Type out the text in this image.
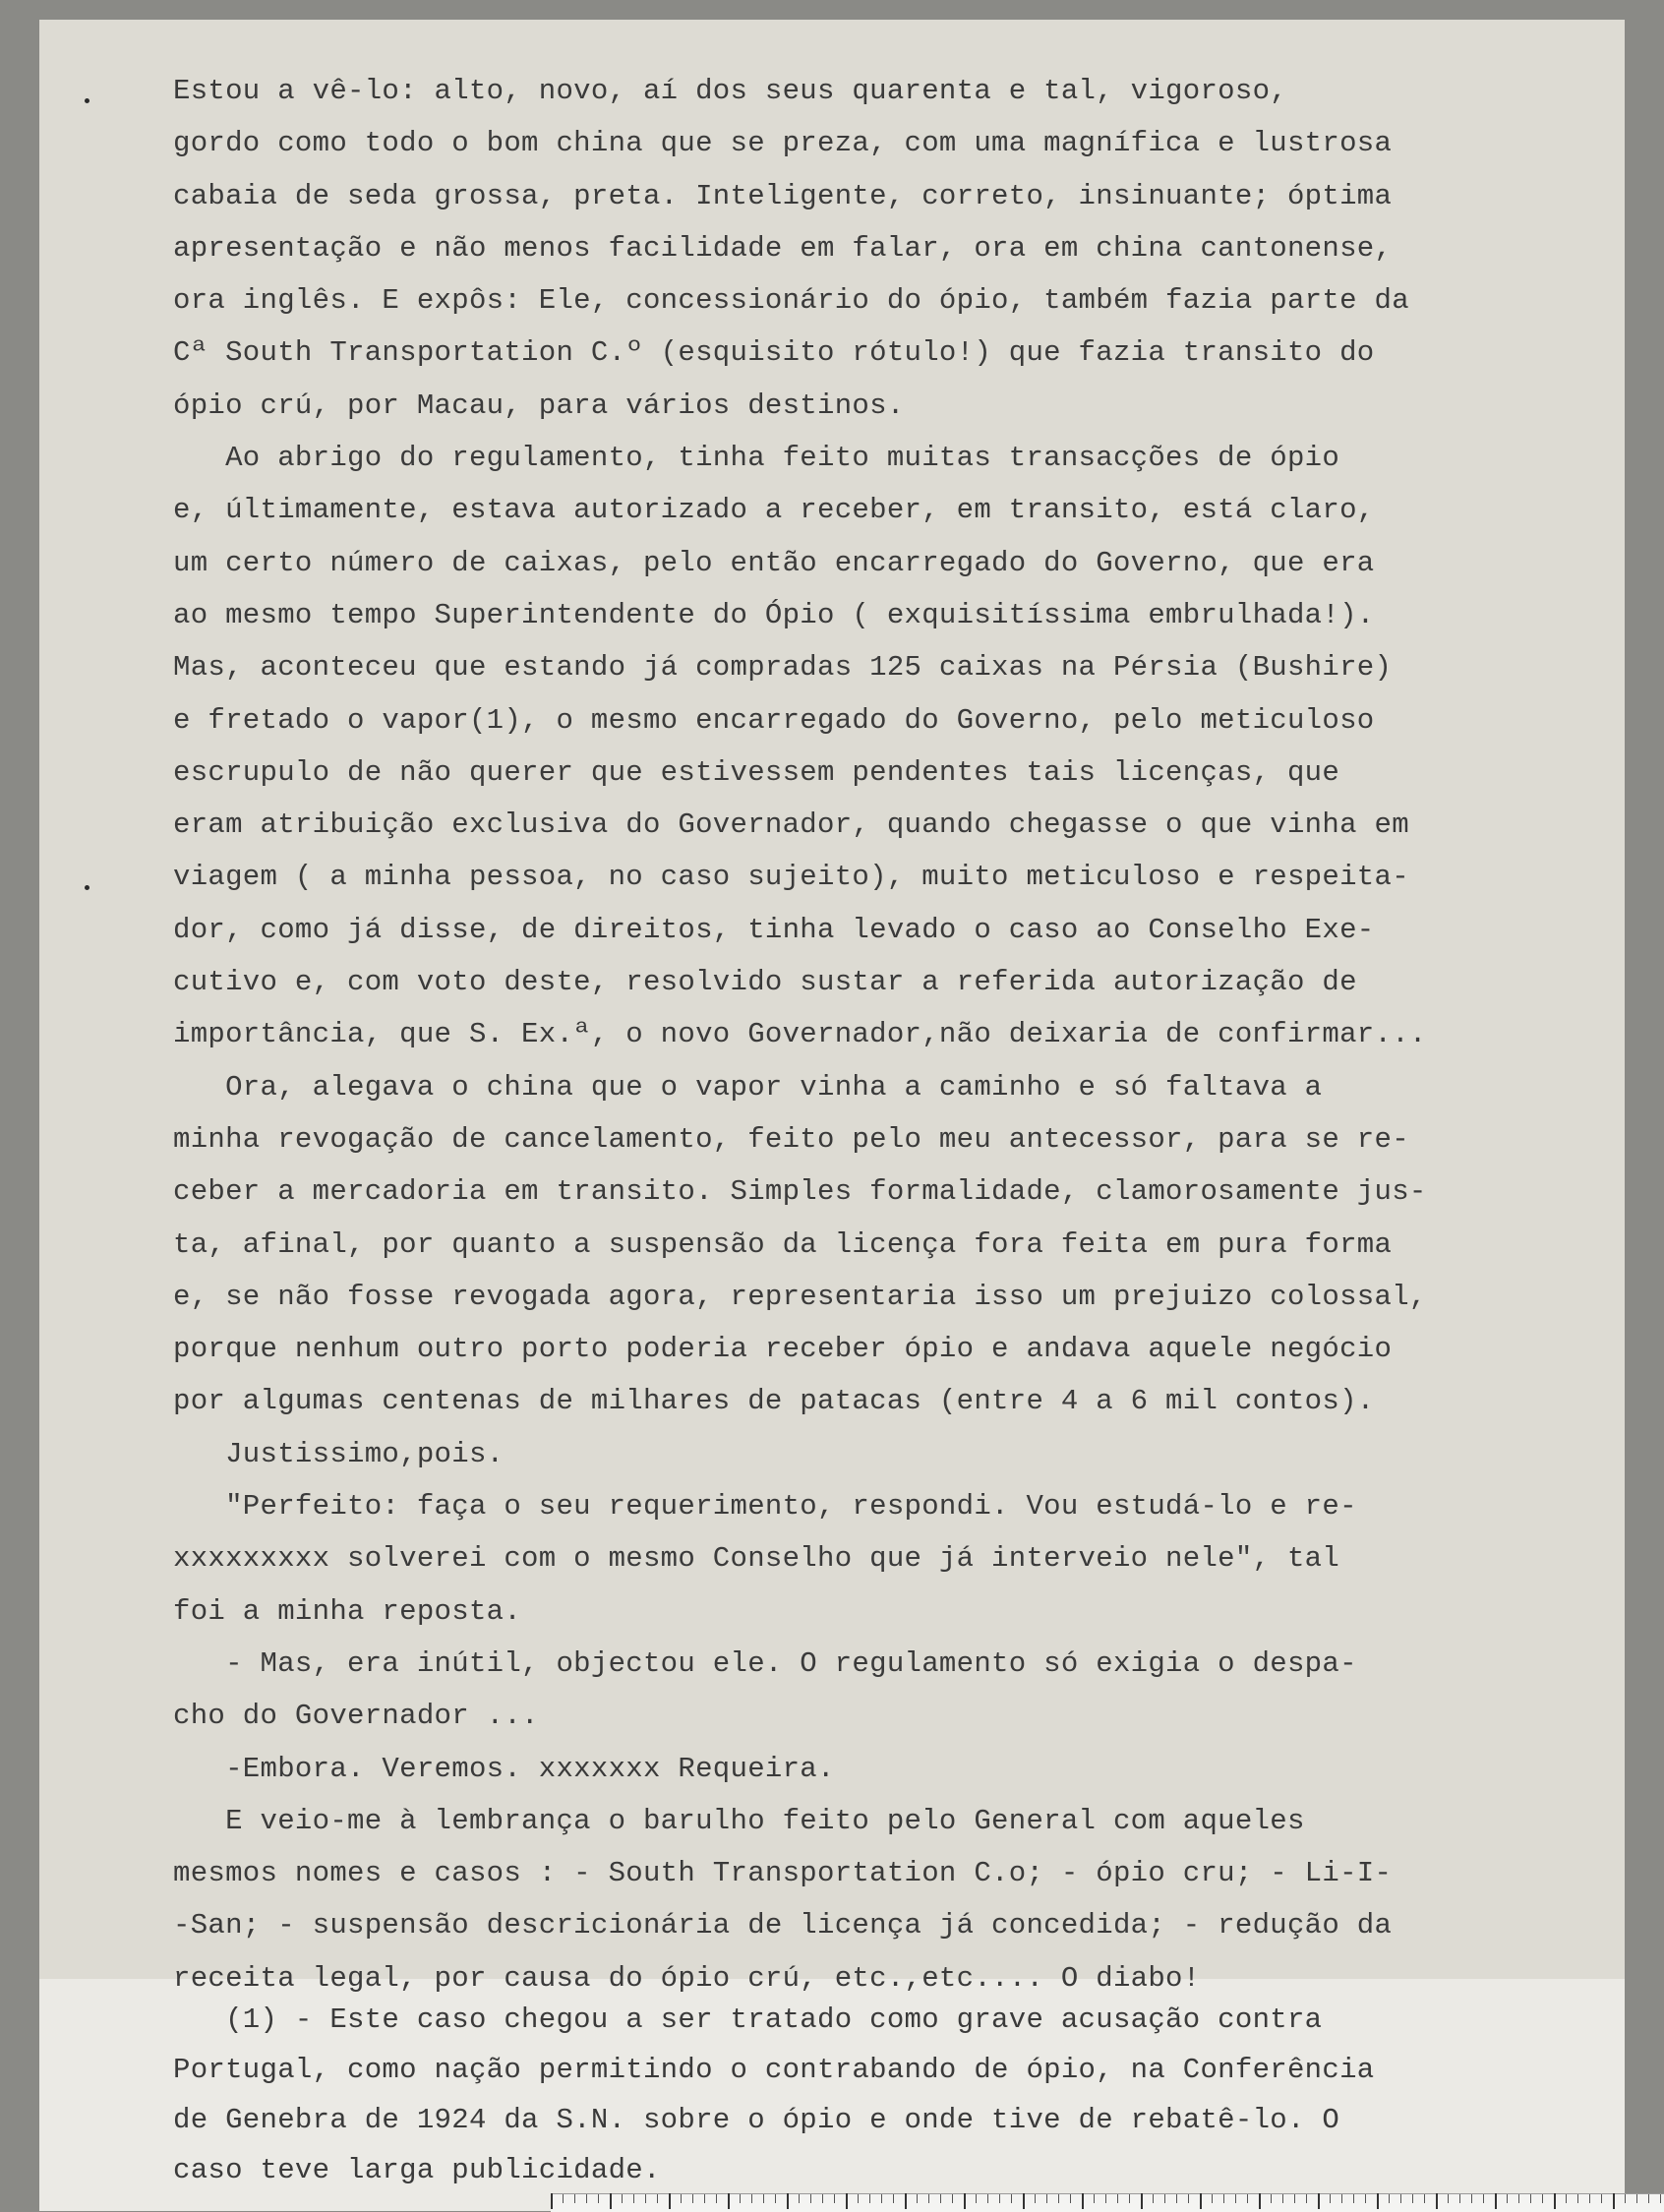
Estou a vê-lo: alto, novo, aí dos seus quarenta e tal, vigoroso,
gordo como todo o bom china que se preza, com uma magnífica e lustrosa
cabaia de seda grossa, preta. Inteligente, correto, insinuante; óptima
apresentação e não menos facilidade em falar, ora em china cantonense,
ora inglês. E expôs: Ele, concessionário do ópio, também fazia parte da
Cª South Transportation C.º (esquisito rótulo!) que fazia transito do
ópio crú, por Macau, para vários destinos.
Ao abrigo do regulamento, tinha feito muitas transacções de ópio
e, últimamente, estava autorizado a receber, em transito, está claro,
um certo número de caixas, pelo então encarregado do Governo, que era
ao mesmo tempo Superintendente do Ópio ( exquisitíssima embrulhada!).
Mas, aconteceu que estando já compradas 125 caixas na Pérsia (Bushire)
e fretado o vapor(1), o mesmo encarregado do Governo, pelo meticuloso
escrupulo de não querer que estivessem pendentes tais licenças, que
eram atribuição exclusiva do Governador, quando chegasse o que vinha em
viagem ( a minha pessoa, no caso sujeito), muito meticuloso e respeita-
dor, como já disse, de direitos, tinha levado o caso ao Conselho Exe-
cutivo e, com voto deste, resolvido sustar a referida autorização de
importância, que S. Ex.ª, o novo Governador,não deixaria de confirmar...
Ora, alegava o china que o vapor vinha a caminho e só faltava a
minha revogação de cancelamento, feito pelo meu antecessor, para se re-
ceber a mercadoria em transito. Simples formalidade, clamorosamente jus-
ta, afinal, por quanto a suspensão da licença fora feita em pura forma
e, se não fosse revogada agora, representaria isso um prejuizo colossal,
porque nenhum outro porto poderia receber ópio e andava aquele negócio
por algumas centenas de milhares de patacas (entre 4 a 6 mil contos).
Justissimo,pois.
"Perfeito: faça o seu requerimento, respondi. Vou estudá-lo e re-
xxxxxxxxx solverei com o mesmo Conselho que já interveio nele", tal
foi a minha reposta.
- Mas, era inútil, objectou ele. O regulamento só exigia o despa-
cho do Governador ...
-Embora. Veremos. xxxxxxx Requeira.
E veio-me à lembrança o barulho feito pelo General com aqueles
mesmos nomes e casos : - South Transportation C.o; - ópio cru; - Li-I-
-San; - suspensão descricionária de licença já concedida; - redução da
receita legal, por causa do ópio crú, etc.,etc.... O diabo!
(1) - Este caso chegou a ser tratado como grave acusação contra
Portugal, como nação permitindo o contrabando de ópio, na Conferência
de Genebra de 1924 da S.N. sobre o ópio e onde tive de rebatê-lo. O
caso teve larga publicidade.
